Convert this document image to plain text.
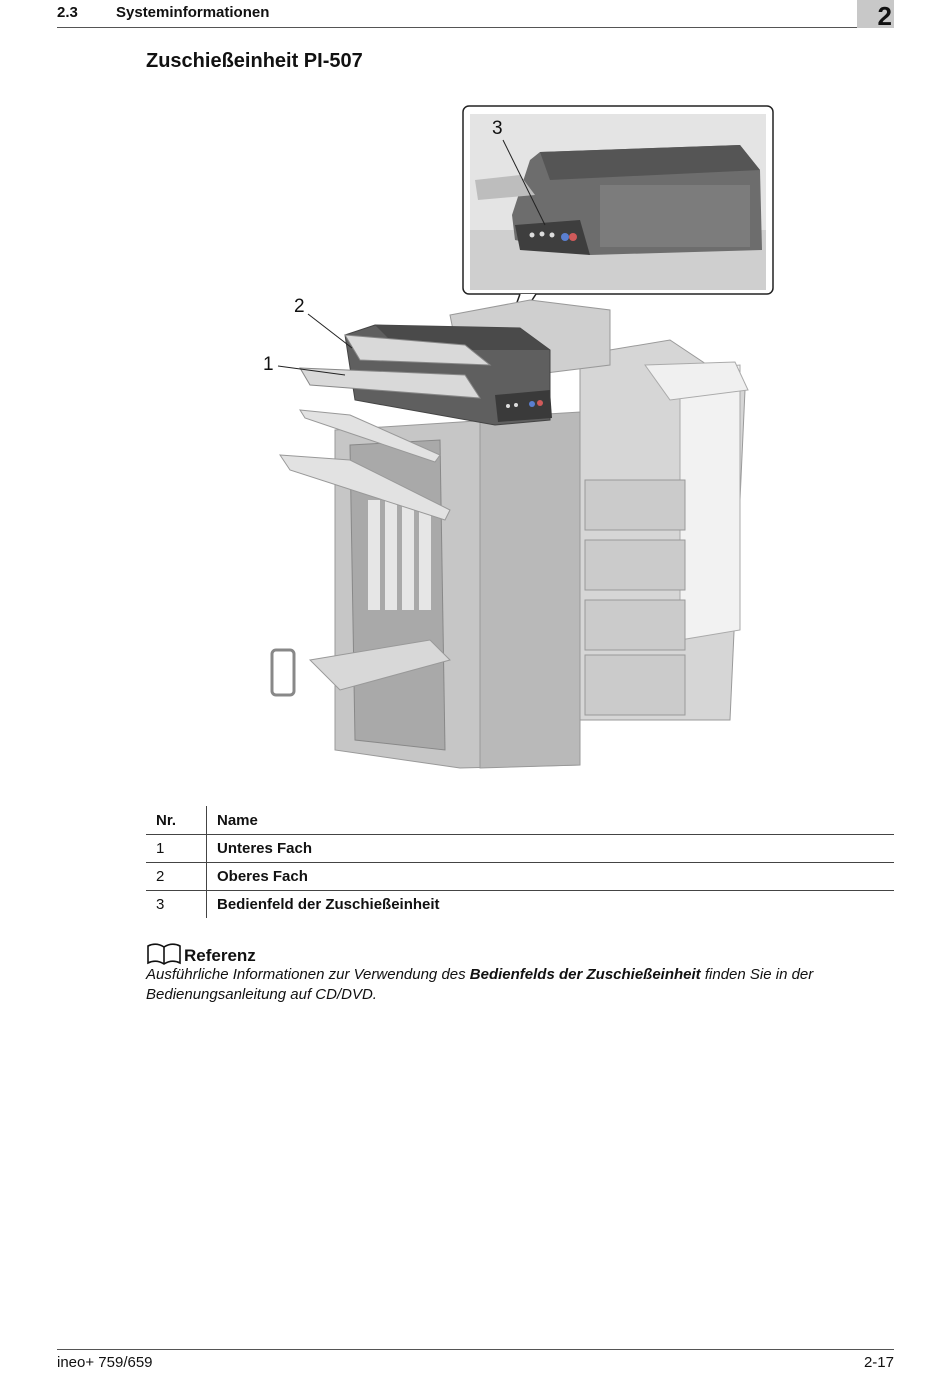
2.3	Systeminformationen	2
Zuschießeinheit PI-507
3
2
1
Nr.	Name
1	Unteres Fach
2	Oberes Fach
3	Bedienfeld der Zuschießeinheit
Referenz
Ausführliche Informationen zur Verwendung des Bedienfelds der Zuschießeinheit finden Sie in der Bedienungsanleitung auf CD/DVD.
ineo+ 759/659	2-17
